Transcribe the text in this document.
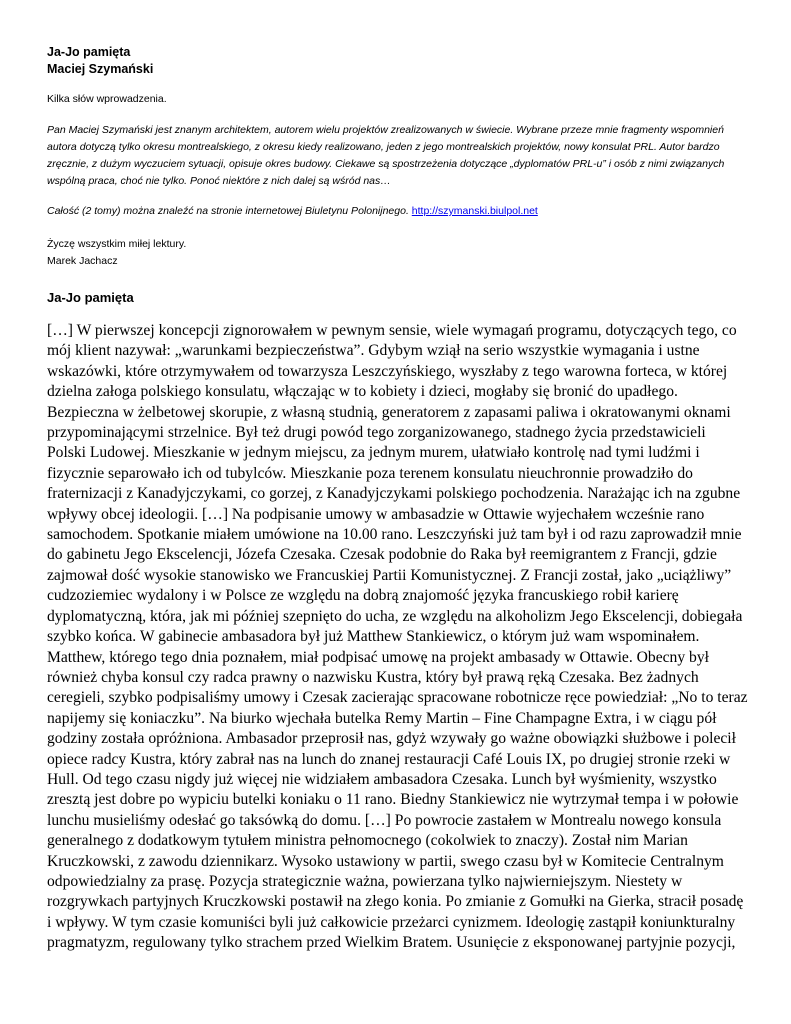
Ja-Jo pamięta
Maciej Szymański
Kilka słów wprowadzenia.
Pan Maciej Szymański jest znanym architektem, autorem wielu projektów zrealizowanych w świecie. Wybrane przeze mnie fragmenty wspomnień autora dotyczą tylko okresu montrealskiego, z okresu kiedy realizowano, jeden z jego montrealskich projektów, nowy konsulat PRL. Autor bardzo zręcznie, z dużym wyczuciem sytuacji, opisuje okres budowy. Ciekawe są spostrzeżenia dotyczące „dyplomatów PRL-u” i osób z nimi związanych wspólną praca, choć nie tylko. Ponoć niektóre z nich dalej są wśród nas…
Całość (2 tomy) można znaleźć na stronie internetowej Biuletynu Polonijnego. http://szymanski.biulpol.net
Życzę wszystkim miłej lektury.
Marek Jachacz
Ja-Jo pamięta
[…] W pierwszej koncepcji zignorowałem w pewnym sensie, wiele wymagań programu, dotyczących tego, co
mój klient nazywał: „warunkami bezpieczeństwa”. Gdybym wziął na serio wszystkie wymagania i ustne
wskazówki, które otrzymywałem od towarzysza Leszczyńskiego, wyszłaby z tego warowna forteca, w której
dzielna załoga polskiego konsulatu, włączając w to kobiety i dzieci, mogłaby się bronić do upadłego.
Bezpieczna w żelbetowej skorupie, z własną studnią, generatorem z zapasami paliwa i okratowanymi oknami
przypominającymi strzelnice. Był też drugi powód tego zorganizowanego, stadnego życia przedstawicieli
Polski Ludowej. Mieszkanie w jednym miejscu, za jednym murem, ułatwiało kontrolę nad tymi ludźmi i
fizycznie separowało ich od tubylców. Mieszkanie poza terenem konsulatu nieuchronnie prowadziło do
fraternizacji z Kanadyjczykami, co gorzej, z Kanadyjczykami polskiego pochodzenia. Narażając ich na zgubne
wpływy obcej ideologii. […] Na podpisanie umowy w ambasadzie w Ottawie wyjechałem wcześnie rano
samochodem. Spotkanie miałem umówione na 10.00 rano. Leszczyński już tam był i od razu zaprowadził mnie
do gabinetu Jego Ekscelencji, Józefa Czesaka. Czesak podobnie do Raka był reemigrantem z Francji, gdzie
zajmował dość wysokie stanowisko we Francuskiej Partii Komunistycznej. Z Francji został, jako „uciążliwy”
cudzoziemiec wydalony i w Polsce ze względu na dobrą znajomość języka francuskiego robił karierę
dyplomatyczną, która, jak mi później szepnięto do ucha, ze względu na alkoholizm Jego Ekscelencji, dobiegała
szybko końca. W gabinecie ambasadora był już Matthew Stankiewicz, o którym już wam wspominałem.
Matthew, którego tego dnia poznałem, miał podpisać umowę na projekt ambasady w Ottawie. Obecny był
również chyba konsul czy radca prawny o nazwisku Kustra, który był prawą ręką Czesaka. Bez żadnych
ceregieli, szybko podpisaliśmy umowy i Czesak zacierając spracowane robotnicze ręce powiedział: „No to teraz
napijemy się koniaczku”. Na biurko wjechała butelka Remy Martin – Fine Champagne Extra, i w ciągu pół
godziny została opróżniona. Ambasador przeprosił nas, gdyż wzywały go ważne obowiązki służbowe i polecił
opiece radcy Kustra, który zabrał nas na lunch do znanej restauracji Café Louis IX, po drugiej stronie rzeki w
Hull. Od tego czasu nigdy już więcej nie widziałem ambasadora Czesaka. Lunch był wyśmienity, wszystko
zresztą jest dobre po wypiciu butelki koniaku o 11 rano. Biedny Stankiewicz nie wytrzymał tempa i w połowie
lunchu musieliśmy odesłać go taksówką do domu. […] Po powrocie zastałem w Montrealu nowego konsula
generalnego z dodatkowym tytułem ministra pełnomocnego (cokolwiek to znaczy). Został nim Marian
Kruczkowski, z zawodu dziennikarz. Wysoko ustawiony w partii, swego czasu był w Komitecie Centralnym
odpowiedzialny za prasę. Pozycja strategicznie ważna, powierzana tylko najwierniejszym. Niestety w
rozgrywkach partyjnych Kruczkowski postawił na złego konia. Po zmianie z Gomułki na Gierka, stracił posadę
i wpływy. W tym czasie komuniści byli już całkowicie przeżarci cynizmem. Ideologię zastąpił koniunkturalny
pragmatyzm, regulowany tylko strachem przed Wielkim Bratem. Usunięcie z eksponowanej partyjnie pozycji,
